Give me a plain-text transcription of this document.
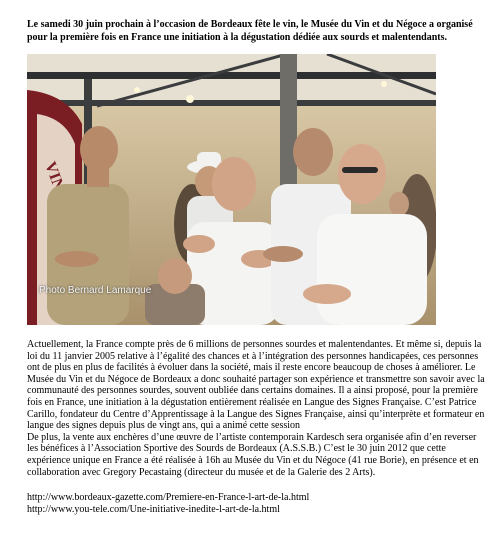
Le samedi 30 juin prochain à l’occasion de Bordeaux fête le vin, le Musée du Vin et du Négoce a organisé pour la première fois en France une initiation à la dégustation dédiée aux sourds et malentendants.
VIN
Photo Bernard Lamarque

Actuellement, la France compte près de 6 millions de personnes sourdes et malentendantes. Et même si, depuis la loi du 11 janvier 2005 relative à l’égalité des chances et à l’intégration des personnes handicapées, ces personnes ont de plus en plus de facilités à évoluer dans la société, mais il reste encore beaucoup de choses à améliorer. Le Musée du Vin et du Négoce de Bordeaux a donc souhaité partager son expérience et transmettre son savoir avec la communauté des personnes sourdes, souvent oubliée dans certains domaines. Il a ainsi proposé, pour la première fois en France, une initiation à la dégustation entièrement réalisée en Langue des Signes Française. C’est Patrice Carillo, fondateur du Centre d’Apprentissage à la Langue des Signes Française, ainsi qu’interprète et formateur en langue des signes depuis plus de vingt ans, qui a animé cette session

De plus, la vente aux enchères d’une œuvre de l’artiste contemporain Kardesch sera organisée afin d’en reverser les bénéfices à l’Association Sportive des Sourds de Bordeaux (A.S.S.B.) C’est le 30 juin 2012 que cette expérience unique en France a été réalisée à 16h au Musée du Vin et du Négoce (41 rue Borie), en présence et en collaboration avec Gregory Pecastaing (directeur du musée et de la Galerie des 2 Arts).

http://www.bordeaux-gazette.com/Premiere-en-France-l-art-de-la.html
http://www.you-tele.com/Une-initiative-inedite-l-art-de-la.html
